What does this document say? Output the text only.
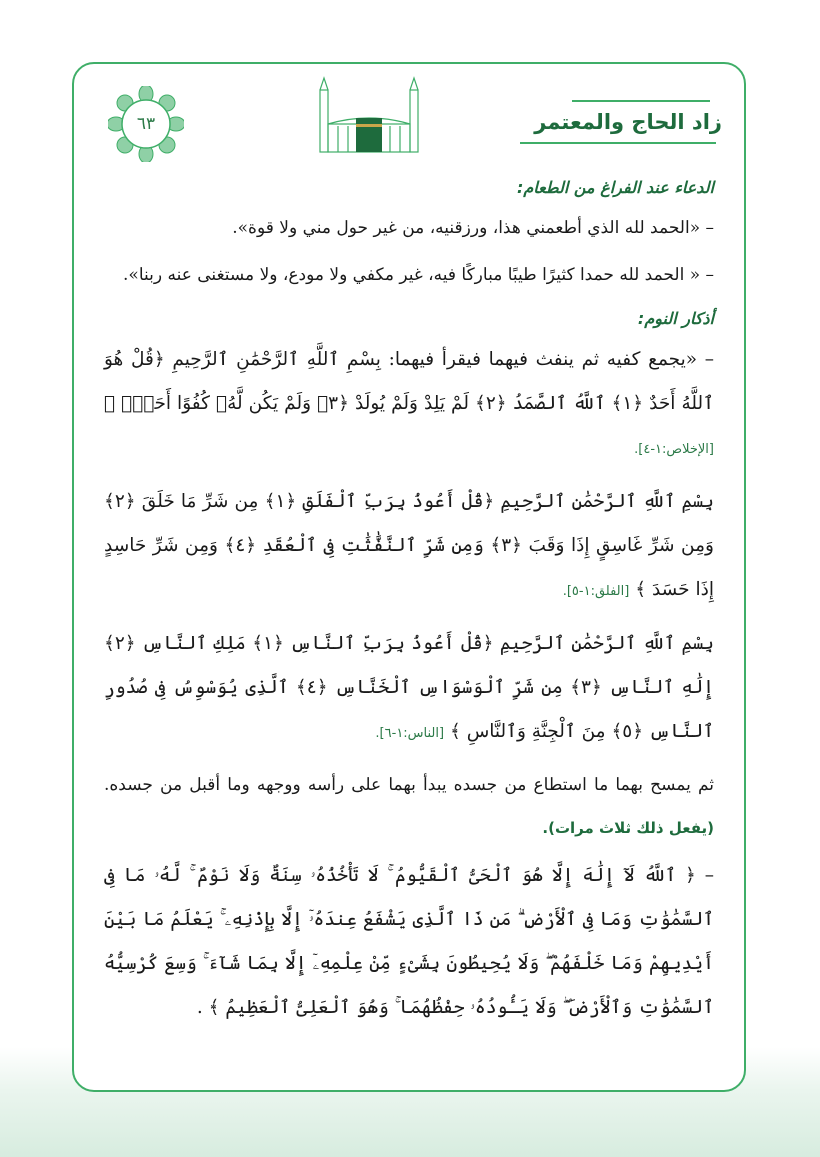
٦٣	زاد الحاج والمعتمر
الدعاء عند الفراغ من الطعام:

– «الحمد لله الذي أطعمني هذا، ورزقنيه، من غير حول مني ولا قوة».

– « الحمد لله حمدا كثيرًا طيبًا مباركًا فيه، غير مكفي ولا مودع، ولا مستغنى عنه ربنا».

أذكار النوم:

– «يجمع كفيه ثم ينفث فيهما فيقرأ فيهما: بِسْمِ ٱللَّهِ ٱلرَّحْمَٰنِ ٱلرَّحِيمِ ﴿قُلْ هُوَ ٱللَّهُ أَحَدٌ ﴿١﴾ ٱللَّهُ ٱلصَّمَدُ ﴿٢﴾ لَمْ يَلِدْ وَلَمْ يُولَدْ ﴿٣﴾ وَلَمْ يَكُن لَّهُۥ كُفُوًا أَحَدٌۢ ﴾ [الإخلاص:١-٤].

بِسْمِ ٱللَّهِ ٱلرَّحْمَٰنِ ٱلرَّحِيمِ ﴿قُلْ أَعُوذُ بِرَبِّ ٱلْفَلَقِ ﴿١﴾ مِن شَرِّ مَا خَلَقَ ﴿٢﴾ وَمِن شَرِّ غَاسِقٍ إِذَا وَقَبَ ﴿٣﴾ وَمِن شَرِّ ٱلنَّفَّٰثَٰتِ فِى ٱلْعُقَدِ ﴿٤﴾ وَمِن شَرِّ حَاسِدٍ إِذَا حَسَدَ ﴾ [الفلق:١-٥].

بِسْمِ ٱللَّهِ ٱلرَّحْمَٰنِ ٱلرَّحِيمِ ﴿قُلْ أَعُوذُ بِرَبِّ ٱلنَّاسِ ﴿١﴾ مَلِكِ ٱلنَّاسِ ﴿٢﴾ إِلَٰهِ ٱلنَّاسِ ﴿٣﴾ مِن شَرِّ ٱلْوَسْوَاسِ ٱلْخَنَّاسِ ﴿٤﴾ ٱلَّذِى يُوَسْوِسُ فِى صُدُورِ ٱلنَّاسِ ﴿٥﴾ مِنَ ٱلْجِنَّةِ وَٱلنَّاسِ ﴾ [الناس:١-٦].

ثم يمسح بهما ما استطاع من جسده يبدأ بهما على رأسه ووجهه وما أقبل من جسده. (يفعل ذلك ثلاث مرات).

– ﴿ ٱللَّهُ لَآ إِلَٰهَ إِلَّا هُوَ ٱلْحَىُّ ٱلْقَيُّومُ ۚ لَا تَأْخُذُهُۥ سِنَةٌ وَلَا نَوْمٌ ۚ لَّهُۥ مَا فِى ٱلسَّمَٰوَٰتِ وَمَا فِى ٱلْأَرْضِ ۗ مَن ذَا ٱلَّذِى يَشْفَعُ عِندَهُۥٓ إِلَّا بِإِذْنِهِۦ ۚ يَعْلَمُ مَا بَيْنَ أَيْدِيهِمْ وَمَا خَلْفَهُمْ ۖ وَلَا يُحِيطُونَ بِشَىْءٍ مِّنْ عِلْمِهِۦٓ إِلَّا بِمَا شَآءَ ۚ وَسِعَ كُرْسِيُّهُ ٱلسَّمَٰوَٰتِ وَٱلْأَرْضَ ۖ وَلَا يَـُٔودُهُۥ حِفْظُهُمَا ۚ وَهُوَ ٱلْعَلِىُّ ٱلْعَظِيمُ ﴾ .
